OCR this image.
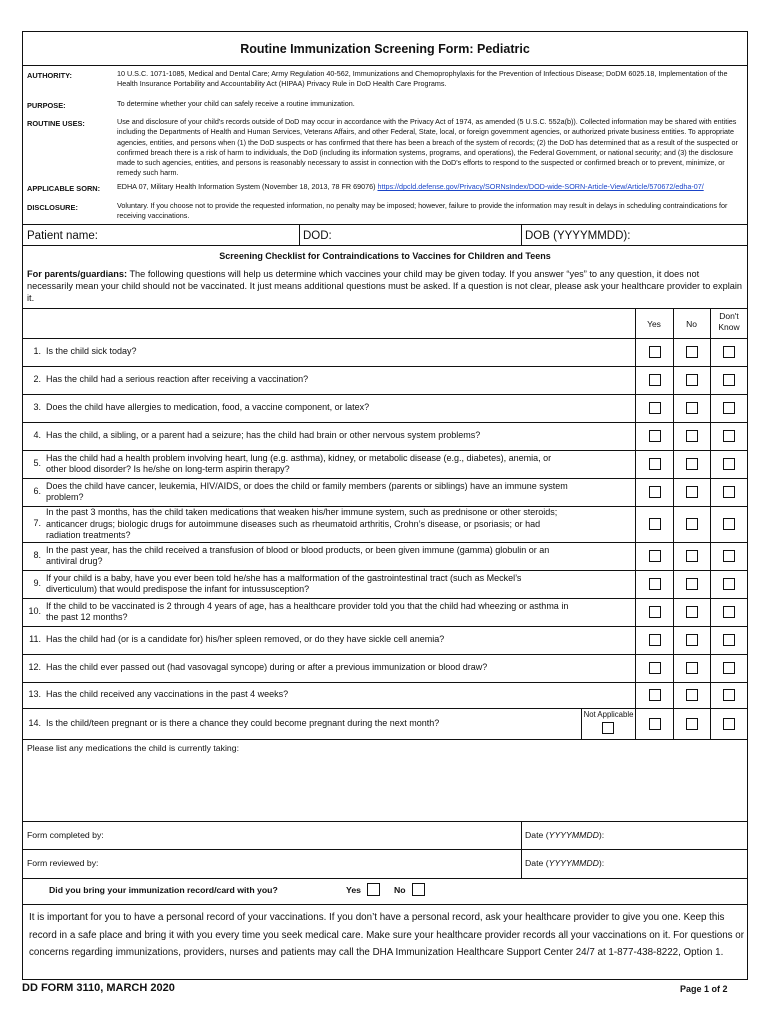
Routine Immunization Screening Form: Pediatric
AUTHORITY:	10 U.S.C. 1071-1085, Medical and Dental Care; Army Regulation 40-562, Immunizations and Chemoprophylaxis for the Prevention of Infectious Disease; DoDM 6025.18, Implementation of the Health Insurance Portability and Accountability Act (HIPAA) Privacy Rule in DoD Health Care Programs.
PURPOSE:	To determine whether your child can safely receive a routine immunization.
ROUTINE USES:	Use and disclosure of your child's records outside of DoD may occur in accordance with the Privacy Act of 1974, as amended (5 U.S.C. 552a(b)). Collected information may be shared with entities including the Departments of Health and Human Services, Veterans Affairs, and other Federal, State, local, or foreign government agencies, or authorized private business entities. To appropriate agencies, entities, and persons when (1) the DoD suspects or has confirmed that there has been a breach of the system of records; (2) the DoD has determined that as a result of the suspected or confirmed breach there is a risk of harm to individuals, the DoD (including its information systems, programs, and operations), the Federal Government, or national security; and (3) the disclosure made to such agencies, entities, and persons is reasonably necessary to assist in connection with the DoD's efforts to respond to the suspected or confirmed breach or to prevent, minimize, or remedy such harm.
APPLICABLE SORN: EDHA 07, Military Health Information System (November 18, 2013, 78 FR 69076) https://dpcld.defense.gov/Privacy/SORNsIndex/DOD-wide-SORN-Article-View/Article/570672/edha-07/
DISCLOSURE:	Voluntary. If you choose not to provide the requested information, no penalty may be imposed; however, failure to provide the information may result in delays in scheduling contraindications for receiving vaccinations.
Patient name:	DOD:	DOB (YYYYMMDD):
Screening Checklist for Contraindications to Vaccines for Children and Teens
For parents/guardians: The following questions will help us determine which vaccines your child may be given today. If you answer “yes” to any question, it does not necessarily mean your child should not be vaccinated. It just means additional questions must be asked. If a question is not clear, please ask your healthcare provider to explain it.
Yes	No
Don't
Know
1. Is the child sick today?
2. Has the child had a serious reaction after receiving a vaccination?
3. Does the child have allergies to medication, food, a vaccine component, or latex?
4. Has the child, a sibling, or a parent had a seizure; has the child had brain or other nervous system problems?
5.
Has the child had a health problem involving heart, lung (e.g. asthma), kidney, or metabolic disease (e.g., diabetes), anemia, or
other blood disorder? Is he/she on long-term aspirin therapy?
6.
Does the child have cancer, leukemia, HIV/AIDS, or does the child or family members (parents or siblings) have an immune system
problem?
7.
In the past 3 months, has the child taken medications that weaken his/her immune system, such as prednisone or other steroids;
anticancer drugs; biologic drugs for autoimmune diseases such as rheumatoid arthritis, Crohn’s disease, or psoriasis; or had
radiation treatments?
8.
In the past year, has the child received a transfusion of blood or blood products, or been given immune (gamma) globulin or an
antiviral drug?
9.
If your child is a baby, have you ever been told he/she has a malformation of the gastrointestinal tract (such as Meckel’s
diverticulum) that would predispose the infant for intussusception?
10.
If the child to be vaccinated is 2 through 4 years of age, has a healthcare provider told you that the child had wheezing or asthma in
the past 12 months?
11. Has the child had (or is a candidate for) his/her spleen removed, or do they have sickle cell anemia?
12. Has the child ever passed out (had vasovagal syncope) during or after a previous immunization or blood draw?
13. Has the child received any vaccinations in the past 4 weeks?
14. Is the child/teen pregnant or is there a chance they could become pregnant during the next month?
Not Applicable
Please list any medications the child is currently taking:
Form completed by:	Date (YYYYMMDD):
Form reviewed by:	Date (YYYYMMDD):
Did you bring your immunization record/card with you?	Yes	No
It is important for you to have a personal record of your vaccinations. If you don’t have a personal record, ask your healthcare provider to give you one. Keep this record in a safe place and bring it with you every time you seek medical care. Make sure your healthcare provider records all your vaccinations on it. For questions or concerns regarding immunizations, providers, nurses and patients may call the DHA Immunization Healthcare Support Center 24/7 at 1-877-438-8222, Option 1.
DD FORM 3110, MARCH 2020	Page 1 of 2
